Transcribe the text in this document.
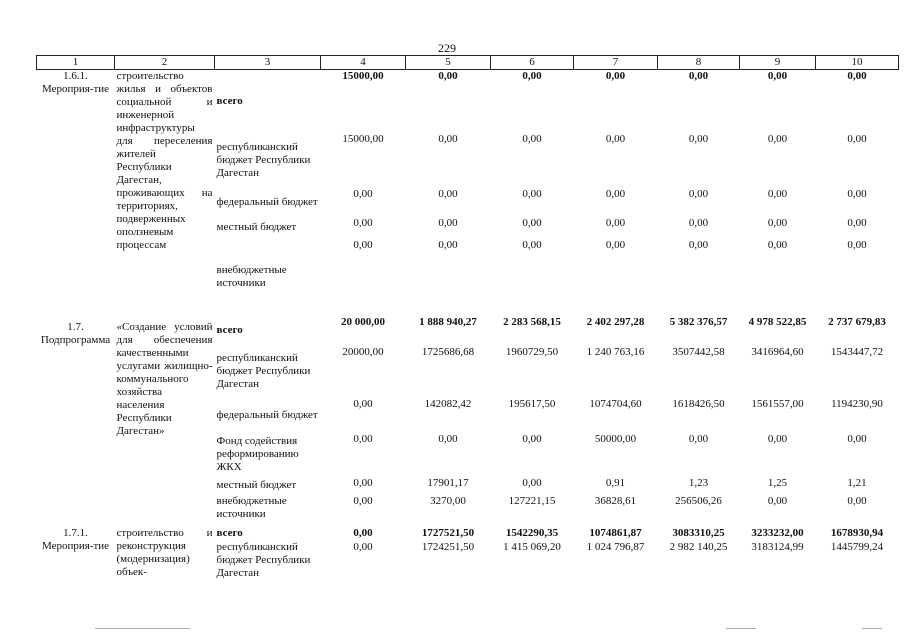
229
1	2	3	4	5	6	7	8	9	10
1.6.1. Мероприя-тие	строительство жилья и объектов социальной и инженерной инфраструктуры для переселения жителей Республики Дагестан, проживающих на территориях, подверженных оползневым процессам	всего	15000,00	0,00	0,00	0,00	0,00	0,00	0,00
		республиканский бюджет Республики Дагестан	15000,00	0,00	0,00	0,00	0,00	0,00	0,00
		федеральный бюджет	0,00	0,00	0,00	0,00	0,00	0,00	0,00
		местный бюджет	0,00	0,00	0,00	0,00	0,00	0,00	0,00
		внебюджетные источники	0,00	0,00	0,00	0,00	0,00	0,00	0,00
1.7. Подпрограмма	«Создание условий для обеспечения качественными услугами жилищно-коммунального хозяйства населения Республики Дагестан»	всего	20 000,00	1 888 940,27	2 283 568,15	2 402 297,28	5 382 376,57	4 978 522,85	2 737 679,83
		республиканский бюджет Республики Дагестан	20000,00	1725686,68	1960729,50	1 240 763,16	3507442,58	3416964,60	1543447,72
		федеральный бюджет	0,00	142082,42	195617,50	1074704,60	1618426,50	1561557,00	1194230,90
		Фонд содействия реформированию ЖКХ	0,00	0,00	0,00	50000,00	0,00	0,00	0,00
		местный бюджет	0,00	17901,17	0,00	0,91	1,23	1,25	1,21
		внебюджетные источники	0,00	3270,00	127221,15	36828,61	256506,26	0,00	0,00
1.7.1. Мероприя-тие	строительство и реконструкция (модернизация) объек-	всего	0,00	1727521,50	1542290,35	1074861,87	3083310,25	3233232,00	1678930,94
		республиканский бюджет Республики Дагестан	0,00	1724251,50	1 415 069,20	1 024 796,87	2 982 140,25	3183124,99	1445799,24
